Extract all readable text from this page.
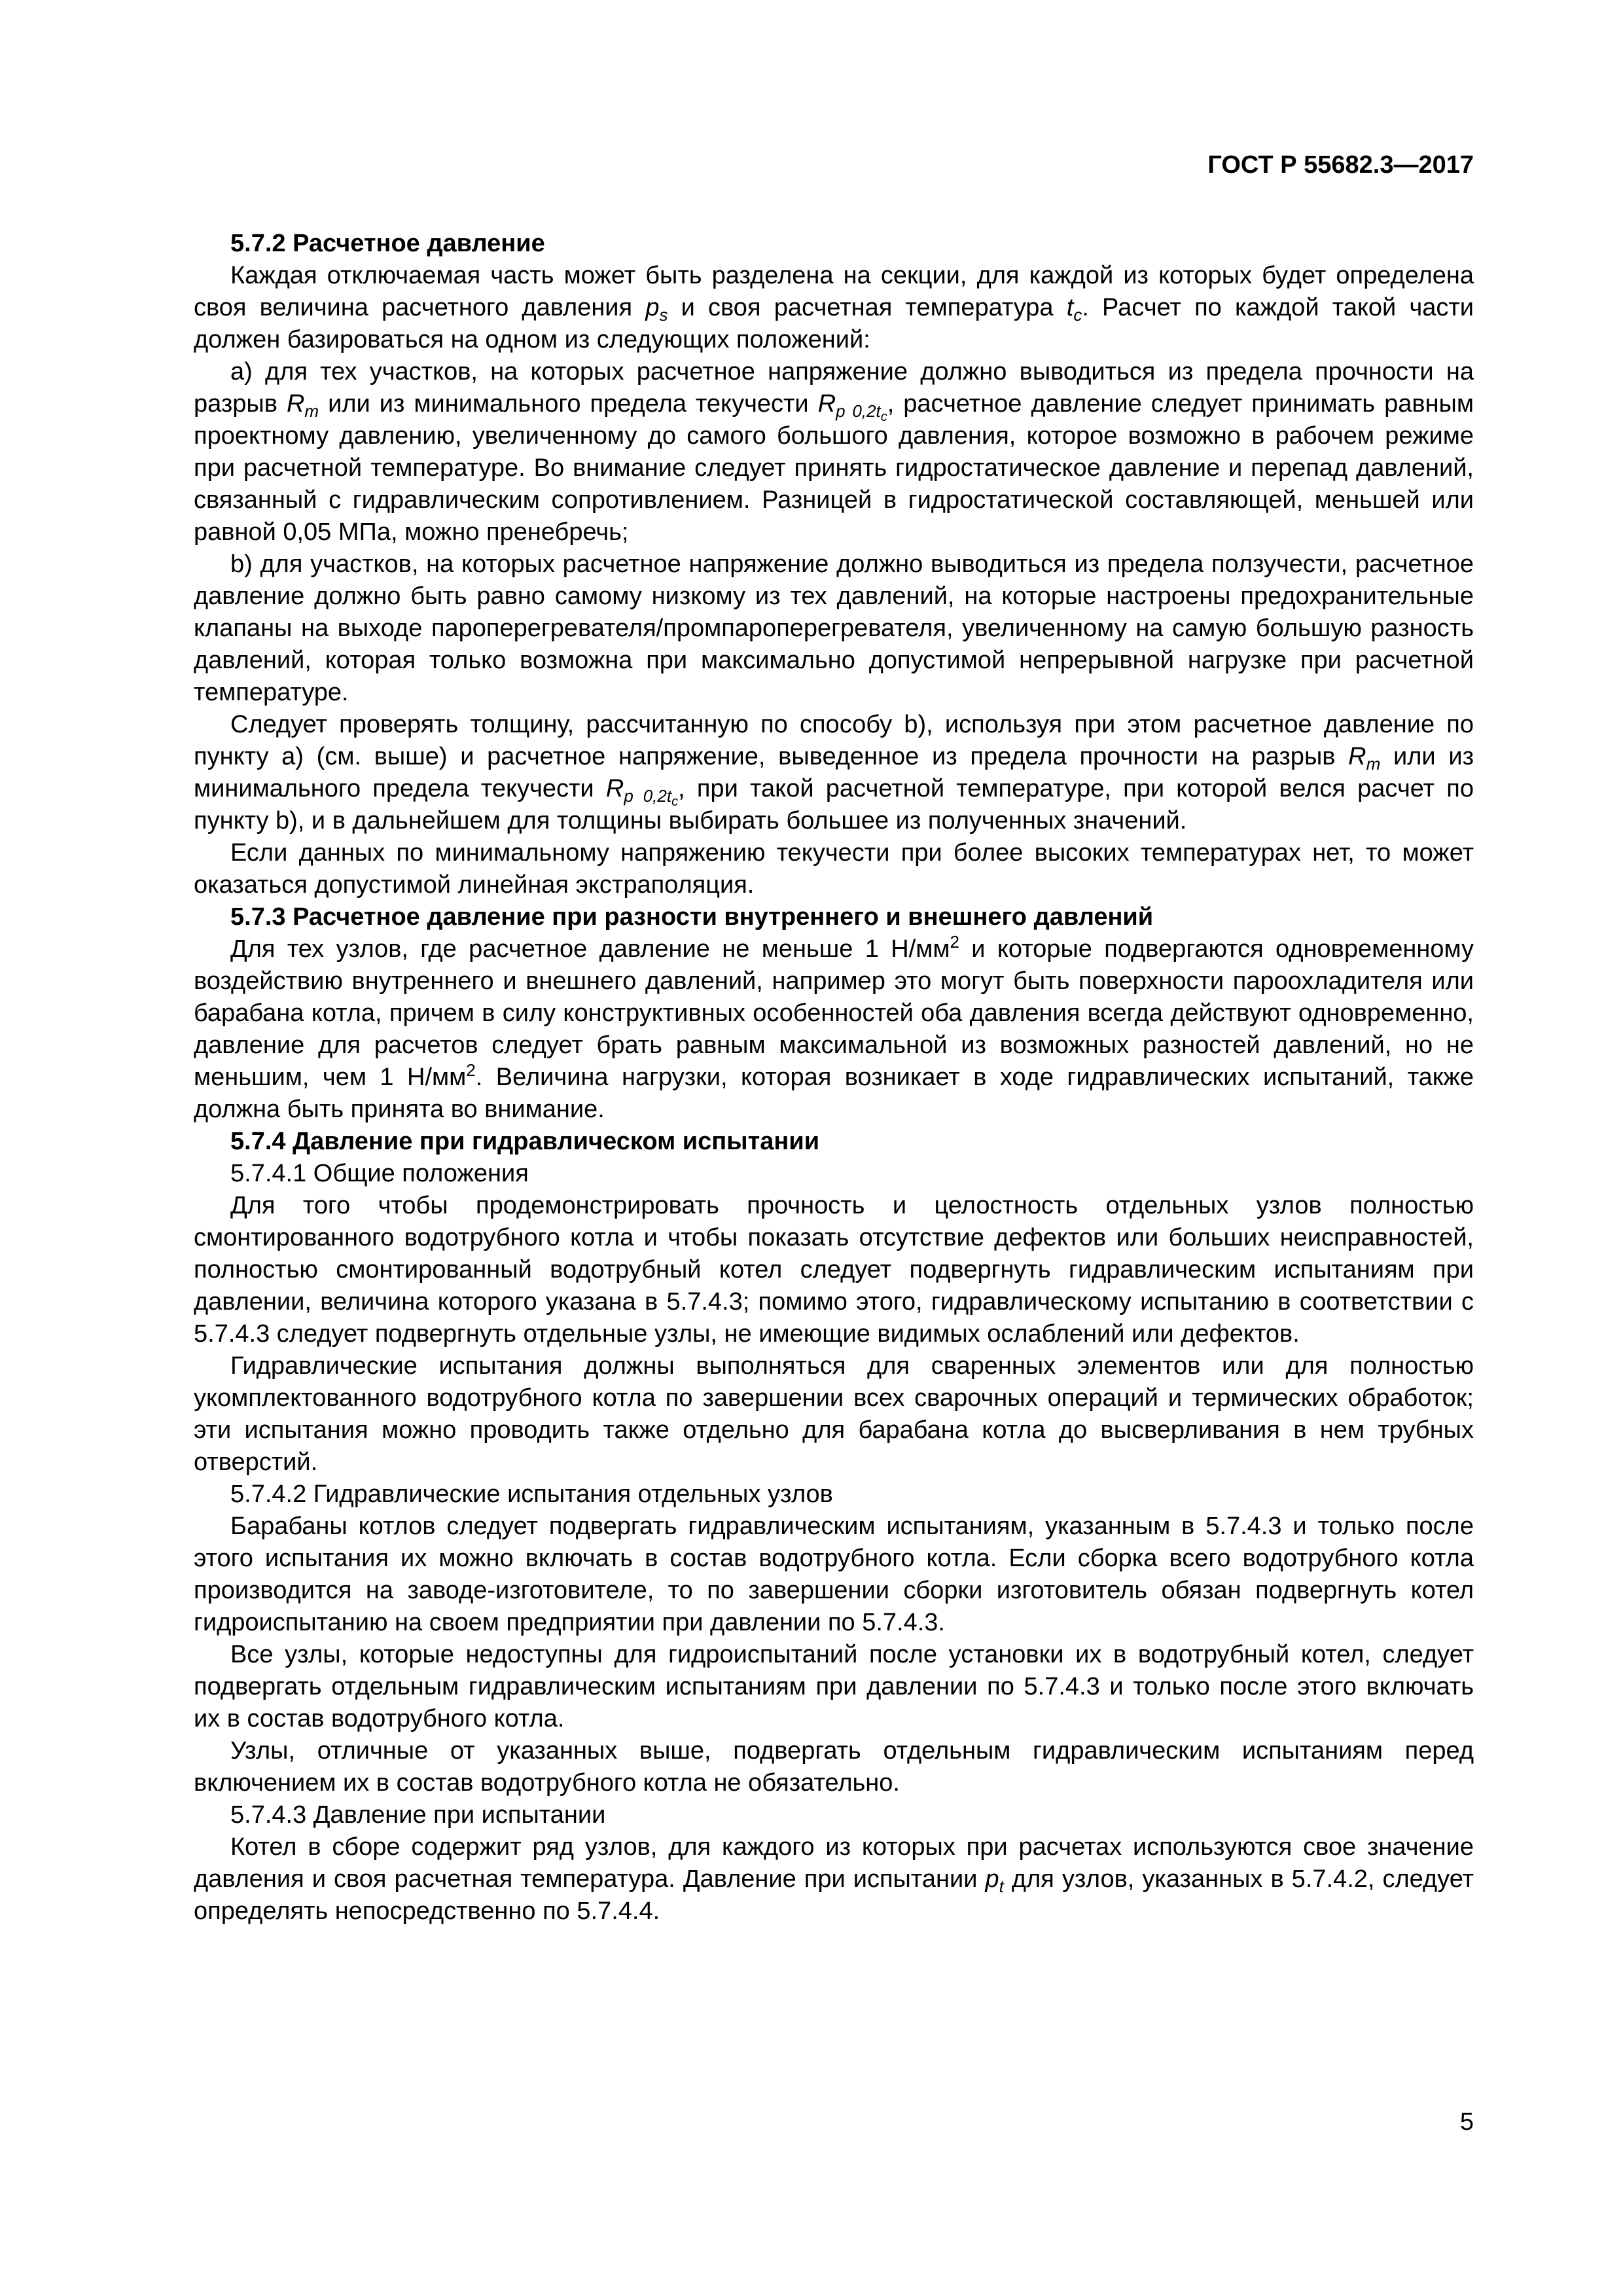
ГОСТ Р 55682.3—2017

5.7.2 Расчетное давление

Каждая отключаемая часть может быть разделена на секции, для каждой из которых будет определена своя величина расчетного давления $p_s$ и своя расчетная температура $t_c$. Расчет по каждой такой части должен базироваться на одном из следующих положений:

a) для тех участков, на которых расчетное напряжение должно выводиться из предела прочности на разрыв $R_m$ или из минимального предела текучести $R_{p 0,2t_c}$, расчетное давление следует принимать равным проектному давлению, увеличенному до самого большого давления, которое возможно в рабочем режиме при расчетной температуре. Во внимание следует принять гидростатическое давление и перепад давлений, связанный с гидравлическим сопротивлением. Разницей в гидростатической составляющей, меньшей или равной 0,05 МПа, можно пренебречь;

b) для участков, на которых расчетное напряжение должно выводиться из предела ползучести, расчетное давление должно быть равно самому низкому из тех давлений, на которые настроены предохранительные клапаны на выходе пароперегревателя/промпароперегревателя, увеличенному на самую большую разность давлений, которая только возможна при максимально допустимой непрерывной нагрузке при расчетной температуре.

Следует проверять толщину, рассчитанную по способу b), используя при этом расчетное давление по пункту a) (см. выше) и расчетное напряжение, выведенное из предела прочности на разрыв $R_m$ или из минимального предела текучести $R_{p 0,2t_c}$, при такой расчетной температуре, при которой велся расчет по пункту b), и в дальнейшем для толщины выбирать большее из полученных значений.

Если данных по минимальному напряжению текучести при более высоких температурах нет, то может оказаться допустимой линейная экстраполяция.

5.7.3 Расчетное давление при разности внутреннего и внешнего давлений

Для тех узлов, где расчетное давление не меньше 1 $Н/мм^2$ и которые подвергаются одновременному воздействию внутреннего и внешнего давлений, например это могут быть поверхности пароохладителя или барабана котла, причем в силу конструктивных особенностей оба давления всегда действуют одновременно, давление для расчетов следует брать равным максимальной из возможных разностей давлений, но не меньшим, чем 1 $Н/мм^2$. Величина нагрузки, которая возникает в ходе гидравлических испытаний, также должна быть принята во внимание.

5.7.4 Давление при гидравлическом испытании

5.7.4.1 Общие положения

Для того чтобы продемонстрировать прочность и целостность отдельных узлов полностью смонтированного водотрубного котла и чтобы показать отсутствие дефектов или больших неисправностей, полностью смонтированный водотрубный котел следует подвергнуть гидравлическим испытаниям при давлении, величина которого указана в 5.7.4.3; помимо этого, гидравлическому испытанию в соответствии с 5.7.4.3 следует подвергнуть отдельные узлы, не имеющие видимых ослаблений или дефектов.

Гидравлические испытания должны выполняться для сваренных элементов или для полностью укомплектованного водотрубного котла по завершении всех сварочных операций и термических обработок; эти испытания можно проводить также отдельно для барабана котла до высверливания в нем трубных отверстий.

5.7.4.2 Гидравлические испытания отдельных узлов

Барабаны котлов следует подвергать гидравлическим испытаниям, указанным в 5.7.4.3 и только после этого испытания их можно включать в состав водотрубного котла. Если сборка всего водотрубного котла производится на заводе-изготовителе, то по завершении сборки изготовитель обязан подвергнуть котел гидроиспытанию на своем предприятии при давлении по 5.7.4.3.

Все узлы, которые недоступны для гидроиспытаний после установки их в водотрубный котел, следует подвергать отдельным гидравлическим испытаниям при давлении по 5.7.4.3 и только после этого включать их в состав водотрубного котла.

Узлы, отличные от указанных выше, подвергать отдельным гидравлическим испытаниям перед включением их в состав водотрубного котла не обязательно.

5.7.4.3 Давление при испытании

Котел в сборе содержит ряд узлов, для каждого из которых при расчетах используются свое значение давления и своя расчетная температура. Давление при испытании $p_t$ для узлов, указанных в 5.7.4.2, следует определять непосредственно по 5.7.4.4.

5
